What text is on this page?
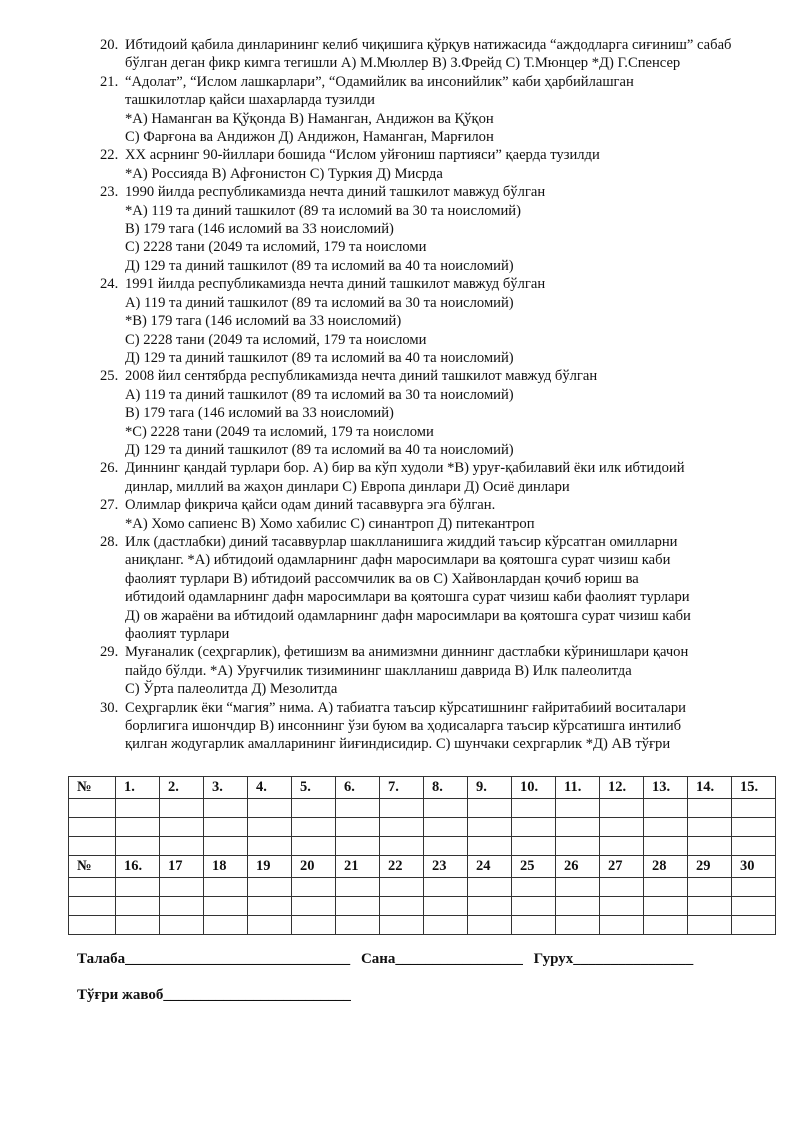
20. Ибтидоий қабила динларининг келиб чиқишига қўрқув натижасида “аждодларга сиғиниш” сабаб
бўлган деган фикр кимга тегишли А) М.Мюллер В) З.Фрейд С) Т.Мюнцер *Д) Г.Спенсер
21. “Адолат”, “Ислом лашкарлари”, “Одамийлик ва инсонийлик” каби ҳарбийлашган
ташкилотлар қайси шахарларда тузилди
*А) Наманган ва Қўқонда В) Наманган, Андижон ва Қўқон
С) Фарғона ва Андижон Д) Андижон, Наманган, Марғилон
22. XX асрнинг 90-йиллари бошида “Ислом уйғониш партияси” қаерда тузилди
*А) Россияда В) Афғонистон С) Туркия Д) Мисрда
23. 1990 йилда республикамизда нечта диний ташкилот мавжуд бўлган
*А) 119 та диний ташкилот (89 та исломий ва 30 та ноисломий)
В) 179 тага (146 исломий ва 33 ноисломий)
С) 2228 тани (2049 та исломий, 179 та ноисломи
Д) 129 та диний ташкилот (89 та исломий ва 40 та ноисломий)
24. 1991 йилда республикамизда нечта диний ташкилот мавжуд бўлган
А) 119 та диний ташкилот (89 та исломий ва 30 та ноисломий)
*В) 179 тага (146 исломий ва 33 ноисломий)
С) 2228 тани (2049 та исломий, 179 та ноисломи
Д) 129 та диний ташкилот (89 та исломий ва 40 та ноисломий)
25. 2008 йил сентябрда республикамизда нечта диний ташкилот мавжуд бўлган
А) 119 та диний ташкилот (89 та исломий ва 30 та ноисломий)
В) 179 тага (146 исломий ва 33 ноисломий)
*С) 2228 тани (2049 та исломий, 179 та ноисломи
Д) 129 та диний ташкилот (89 та исломий ва 40 та ноисломий)
26. Диннинг қандай турлари бор. А) бир ва кўп худоли *В) уруғ-қабилавий ёки илк ибтидоий
динлар, миллий ва жаҳон динлари С) Европа динлари Д) Осиё динлари
27. Олимлар фикрича қайси одам диний тасаввурга эга бўлган.
*А) Хомо сапиенс В) Хомо хабилис С) синантроп Д) питекантроп
28. Илк (дастлабки) диний тасаввурлар шаклланишига жиддий таъсир кўрсатган омилларни
аниқланг. *А) ибтидоий одамларнинг дафн маросимлари ва қоятошга сурат чизиш каби
фаолият турлари В) ибтидоий рассомчилик ва ов С) Хайвонлардан қочиб юриш ва
ибтидоий одамларнинг дафн маросимлари ва қоятошга сурат чизиш каби фаолият турлари
Д) ов жараёни ва ибтидоий одамларнинг дафн маросимлари ва қоятошга сурат чизиш каби
фаолият турлари
29. Муғаналик (сеҳргарлик), фетишизм ва анимизмни диннинг дастлабки кўринишлари қачон
пайдо бўлди. *А) Уруғчилик тизимининг шаклланиш даврида В) Илк палеолитда
С) Ўрта палеолитда Д) Мезолитда
30. Сеҳргарлик ёки “магия” нима. А) табиатга таъсир кўрсатишнинг ғайритабиий воситалари
борлигига ишончдир В) инсоннинг ўзи буюм ва ҳодисаларга таъсир кўрсатишга интилиб
қилган жодугарлик амалларининг йиғиндисидир. С) шунчаки сехргарлик *Д) АВ тўғри
№	1.	2.	3.	4.	5.	6.	7.	8.	9.	10.	11.	12.	13.	14.	15.

№	16.	17	18	19	20	21	22	23	24	25	26	27	28	29	30

Талаба______________________________ Сана_________________ Гурух________________
Тўғри жавоб_________________________
